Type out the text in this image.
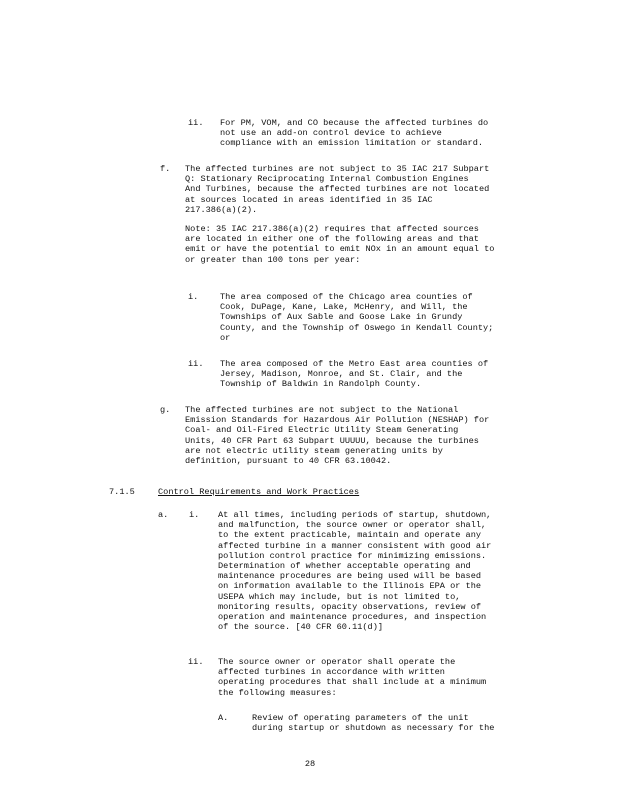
ii. For PM, VOM, and CO because the affected turbines do
not use an add-on control device to achieve
compliance with an emission limitation or standard.
f. The affected turbines are not subject to 35 IAC 217 Subpart
Q: Stationary Reciprocating Internal Combustion Engines
And Turbines, because the affected turbines are not located
at sources located in areas identified in 35 IAC
217.386(a)(2).
Note: 35 IAC 217.386(a)(2) requires that affected sources
are located in either one of the following areas and that
emit or have the potential to emit NOx in an amount equal to
or greater than 100 tons per year:
i.	The area composed of the Chicago area counties of
Cook, DuPage, Kane, Lake, McHenry, and Will, the
Townships of Aux Sable and Goose Lake in Grundy
County, and the Township of Oswego in Kendall County;
or
ii. The area composed of the Metro East area counties of
Jersey, Madison, Monroe, and St. Clair, and the
Township of Baldwin in Randolph County.
g. The affected turbines are not subject to the National
Emission Standards for Hazardous Air Pollution (NESHAP) for
Coal- and Oil-Fired Electric Utility Steam Generating
Units, 40 CFR Part 63 Subpart UUUUU, because the turbines
are not electric utility steam generating units by
definition, pursuant to 40 CFR 63.10042.
7.1.5	Control Requirements and Work Practices
a.    i. At all times, including periods of startup, shutdown,
and malfunction, the source owner or operator shall,
to the extent practicable, maintain and operate any
affected turbine in a manner consistent with good air
pollution control practice for minimizing emissions.
Determination of whether acceptable operating and
maintenance procedures are being used will be based
on information available to the Illinois EPA or the
USEPA which may include, but is not limited to,
monitoring results, opacity observations, review of
operation and maintenance procedures, and inspection
of the source. [40 CFR 60.11(d)]
ii. The source owner or operator shall operate the
affected turbines in accordance with written
operating procedures that shall include at a minimum
the following measures:
A.	Review of operating parameters of the unit
during startup or shutdown as necessary for the
28
